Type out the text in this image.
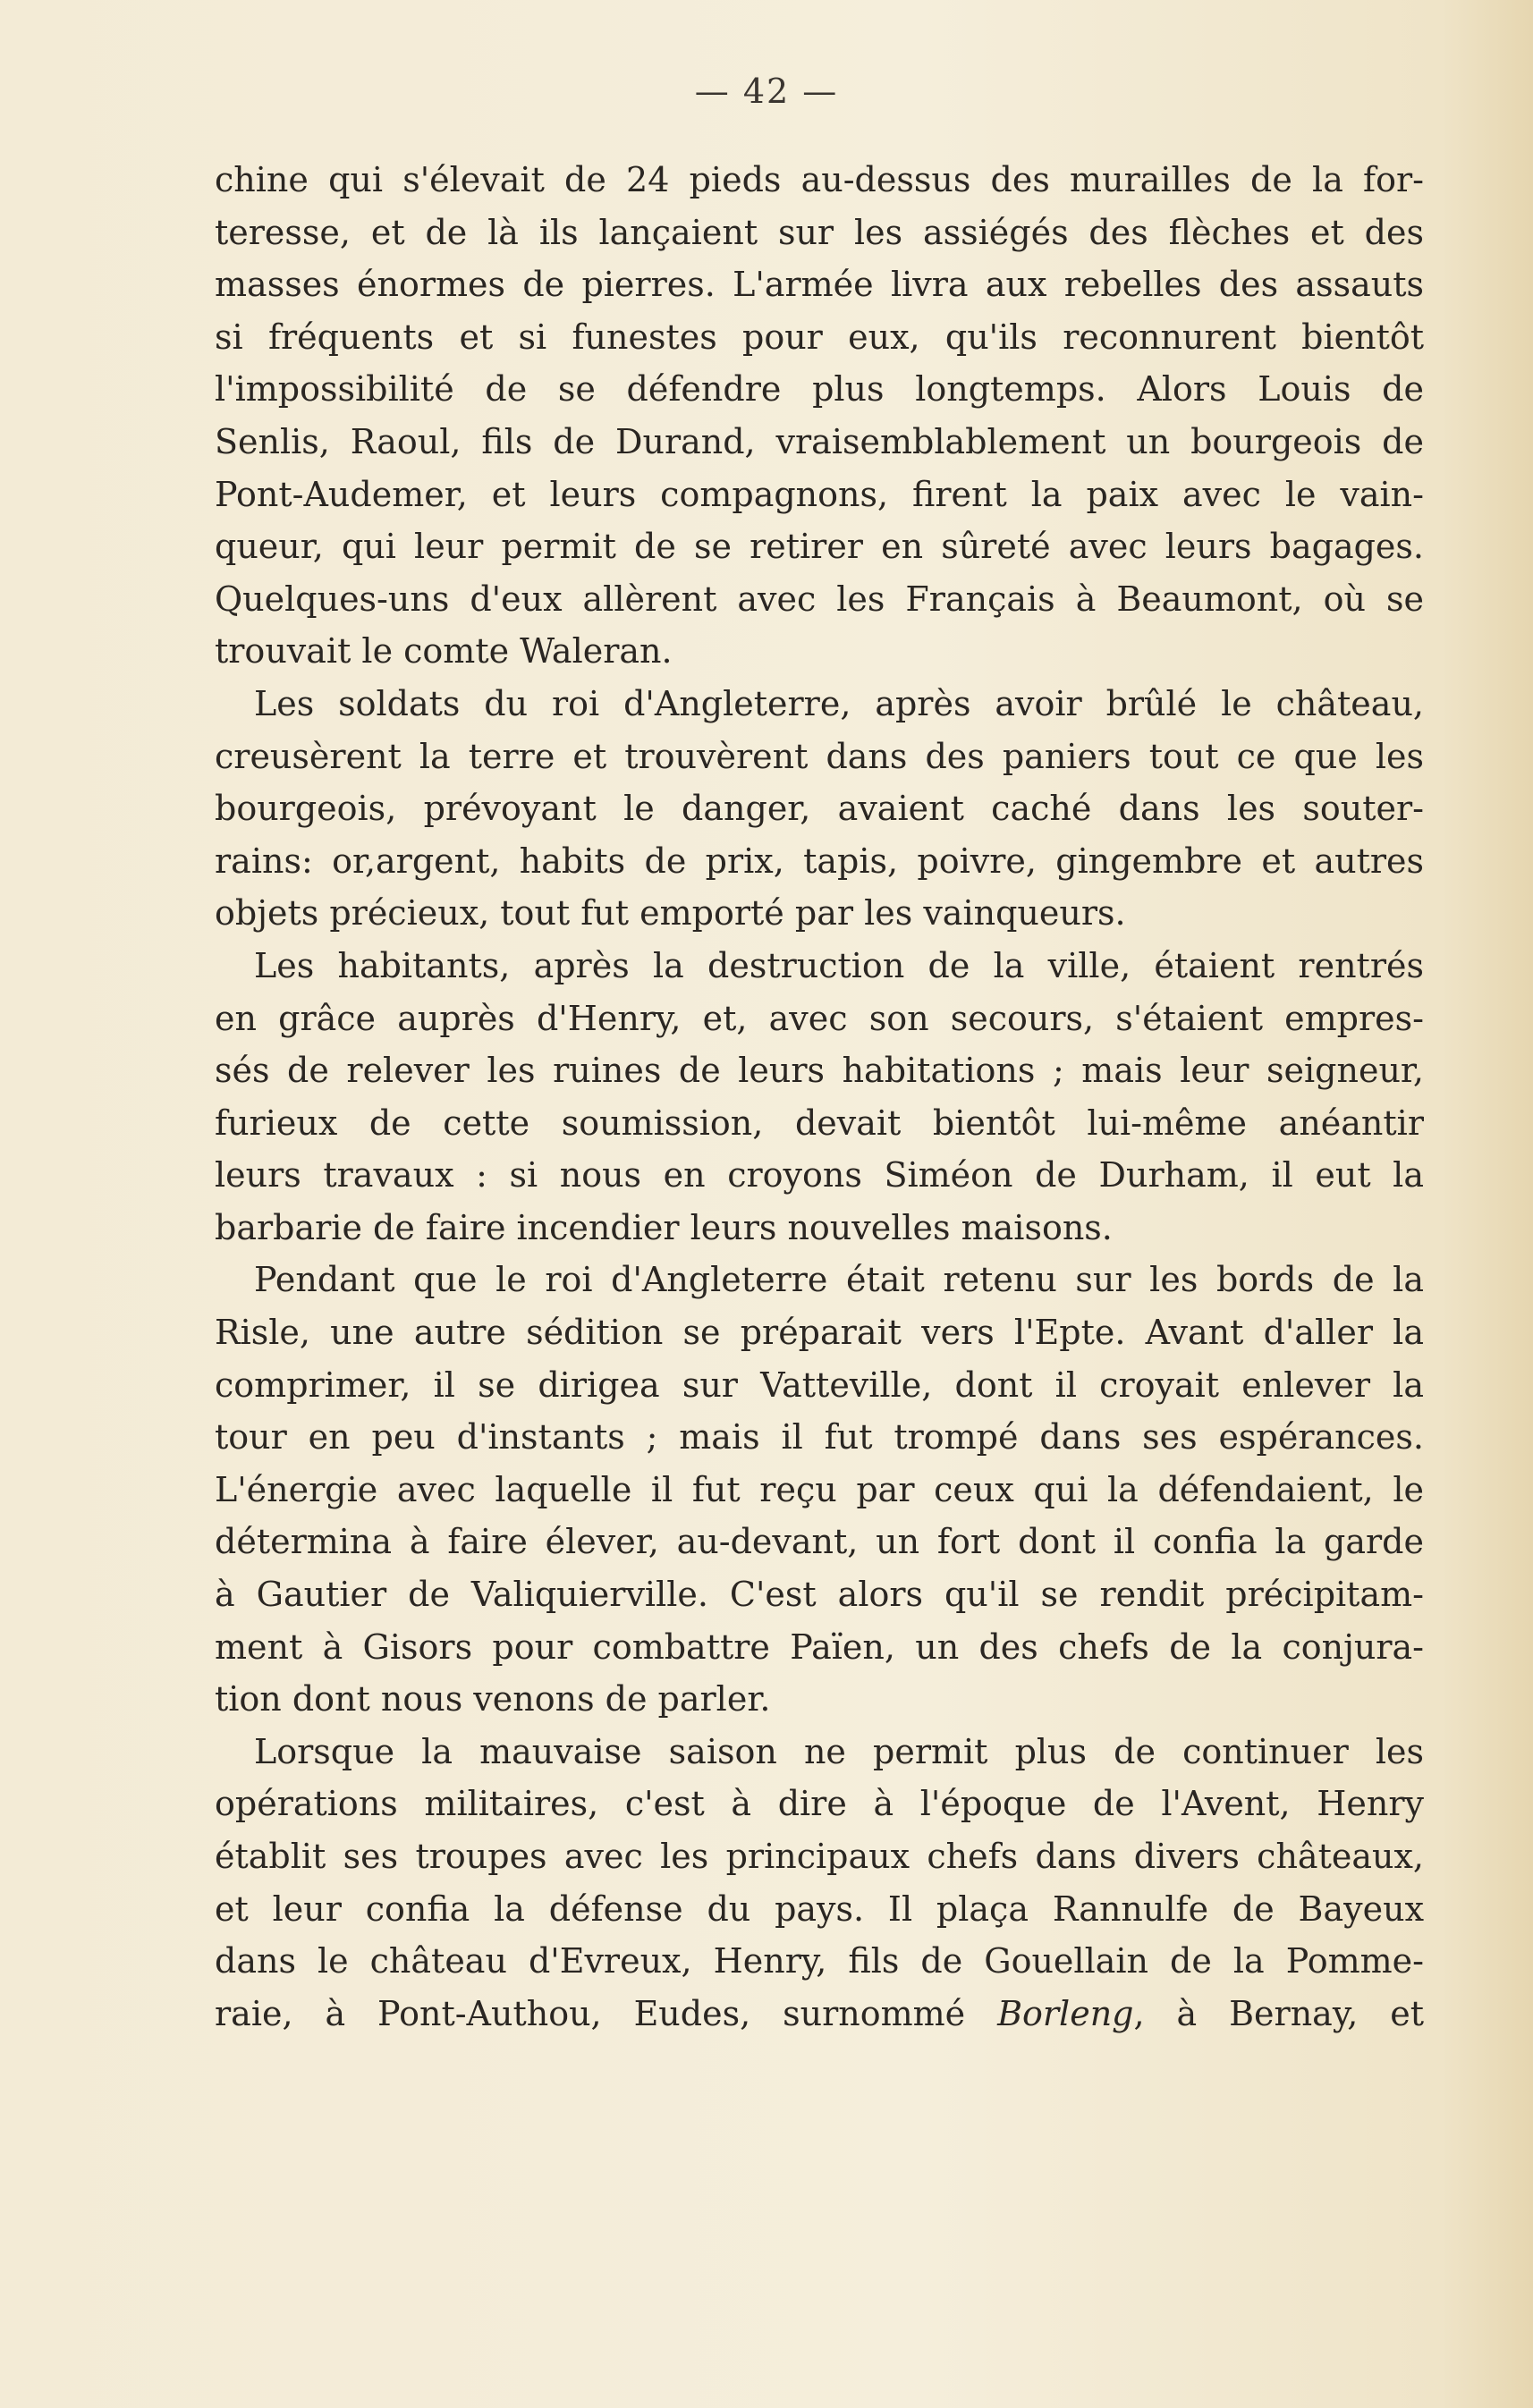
— 42 —
chine qui s'élevait de 24 pieds au-dessus des murailles de la for-
teresse, et de là ils lançaient sur les assiégés des flèches et des
masses énormes de pierres. L'armée livra aux rebelles des assauts
si fréquents et si funestes pour eux, qu'ils reconnurent bientôt
l'impossibilité de se défendre plus longtemps. Alors Louis de
Senlis, Raoul, fils de Durand, vraisemblablement un bourgeois de
Pont-Audemer, et leurs compagnons, firent la paix avec le vain-
queur, qui leur permit de se retirer en sûreté avec leurs bagages.
Quelques-uns d'eux allèrent avec les Français à Beaumont, où se
trouvait le comte Waleran.
Les soldats du roi d'Angleterre, après avoir brûlé le château,
creusèrent la terre et trouvèrent dans des paniers tout ce que les
bourgeois, prévoyant le danger, avaient caché dans les souter-
rains: or,argent, habits de prix, tapis, poivre, gingembre et autres
objets précieux, tout fut emporté par les vainqueurs.
Les habitants, après la destruction de la ville, étaient rentrés
en grâce auprès d'Henry, et, avec son secours, s'étaient empres-
sés de relever les ruines de leurs habitations ; mais leur seigneur,
furieux de cette soumission, devait bientôt lui-même anéantir
leurs travaux : si nous en croyons Siméon de Durham, il eut la
barbarie de faire incendier leurs nouvelles maisons.
Pendant que le roi d'Angleterre était retenu sur les bords de la
Risle, une autre sédition se préparait vers l'Epte. Avant d'aller la
comprimer, il se dirigea sur Vatteville, dont il croyait enlever la
tour en peu d'instants ; mais il fut trompé dans ses espérances.
L'énergie avec laquelle il fut reçu par ceux qui la défendaient, le
détermina à faire élever, au-devant, un fort dont il confia la garde
à Gautier de Valiquierville. C'est alors qu'il se rendit précipitam-
ment à Gisors pour combattre Païen, un des chefs de la conjura-
tion dont nous venons de parler.
Lorsque la mauvaise saison ne permit plus de continuer les
opérations militaires, c'est à dire à l'époque de l'Avent, Henry
établit ses troupes avec les principaux chefs dans divers châteaux,
et leur confia la défense du pays. Il plaça Rannulfe de Bayeux
dans le château d'Evreux, Henry, fils de Gouellain de la Pomme-
raie, à Pont-Authou, Eudes, surnommé Borleng, à Bernay, et
